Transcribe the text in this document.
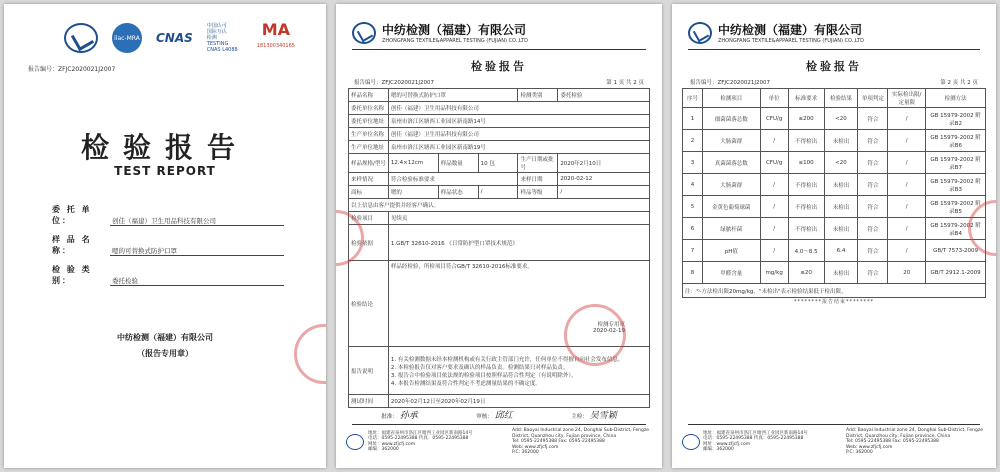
ilac-MRA CNAS
中国认可
国际互认
检测
TESTING
CNAS L4088
MA
181300340165
报告编号：ZFJC2020021J2007
检验报告
TEST REPORT
委 托 单 位：	创佳（福建）卫生用品科技有限公司
样 品 名 称：	嗯的可替换式防护口罩
检 验 类 别：	委托检验
中纺检测（福建）有限公司
（报告专用章）
中纺检测（福建）有限公司
ZHONGFANG TEXTILE&APPAREL TESTING (FUJIAN) CO.,LTD
检验报告
报告编号：ZFJC2020021J2007	第 1 页 共 2 页
样品名称	嗯的可替换式防护口罩			检测类别	委托检验
委托单位名称	创佳（福建）卫生用品科技有限公司				
委托单位地址	泉州市洛江区塘西工业园区新南路14号				
生产单位名称	创佳（福建）卫生用品科技有限公司				
生产单位地址	泉州市洛江区塘西工业园区新南路19号				
样品规格/型号	12.4×12cm	样品数量	10 包	生产日期或批号	2020年2月10日
来样情况	符合检验标准要求			来样日期	2020-02-12
商标	嗯的	样品状态	/	样品等级	/
以上信息由客户提供并经客户确认。					
检验项目	见续页				
检验依据	1.GB/T 32610-2016 《日常防护型口罩技术规范》				
检验结论	样品经检验，所检项目符合GB/T 32610-2016标准要求。
检测专用章
2020-02-19				

报告说明	1. 有关检测数据未经本检测机构或有关行政主管部门允许，任何单位不得擅自向社会发布信息。
2. 本检验报告仅对客户要求及确认的样品负责。检测结果只对样品负责。
3. 报告合中检验项目依法规的检验项目按照样品符合性判定（有说明除外）。
4. 本报告检测结果及符合性判定不考虑测量结果的不确定度。				

测试时间	2020年02月12日至2020年02月19日				
批准： 孙承	审核： 邱红	主检： 吴雪颖
地址：福建省泉州市洛江区塘西工业园区新南路14号
电话：0595-22495388 传真：0595-22495388
网址：www.zfjcfj.com
邮编：362000
Add: Baoyai Industrial zone 24, Donghai Sub-District, Fengze District, Quanzhou city, Fujian province, China
Tel: 0595-22495388 Fax: 0595-22495388
Web: www.zfjcfj.com
P.C: 362000
中纺检测（福建）有限公司
ZHONGFANG TEXTILE&APPAREL TESTING (FUJIAN) CO.,LTD
检验报告
报告编号：ZFJC2020021J2007	第 2 页 共 2 页
序号	检测项目	单位	标准要求	检验结果	单项判定	实际检出限/定量限	检测方法
1	细菌菌落总数	CFU/g	≤200	<20	符合	/	GB 15979-2002 附录B2
2	大肠菌群	/	不得检出	未检出	符合	/	GB 15979-2002 附录B6
3	真菌菌落总数	CFU/g	≤100	<20	符合	/	GB 15979-2002 附录B7
4	大肠菌群	/	不得检出	未检出	符合	/	GB 15979-2002 附录B3
5	金黄色葡萄球菌	/	不得检出	未检出	符合	/	GB 15979-2002 附录B5
6	绿脓杆菌	/	不得检出	未检出	符合	/	GB 15979-2002 附录B4
7	pH值	/	4.0～8.5	6.4	符合	/	GB/T 7573-2009
8	甲醛含量	mg/kg	≤20	未检出	符合	20	GB/T 2912.1-2009
注：¹⁾-方法检出限20mg/kg，"未检出"表示检验结果低于检出限。							
********报告结束********
地址：福建省泉州市洛江区塘西工业园区新南路14号
电话：0595-22495388 传真：0595-22495388
网址：www.zfjcfj.com
邮编：362000
Add: Baoyai Industrial zone 24, Donghai Sub-District, Fengze District, Quanzhou city, Fujian province, China
Tel: 0595-22495388 Fax: 0595-22495388
Web: www.zfjcfj.com
P.C: 362000
